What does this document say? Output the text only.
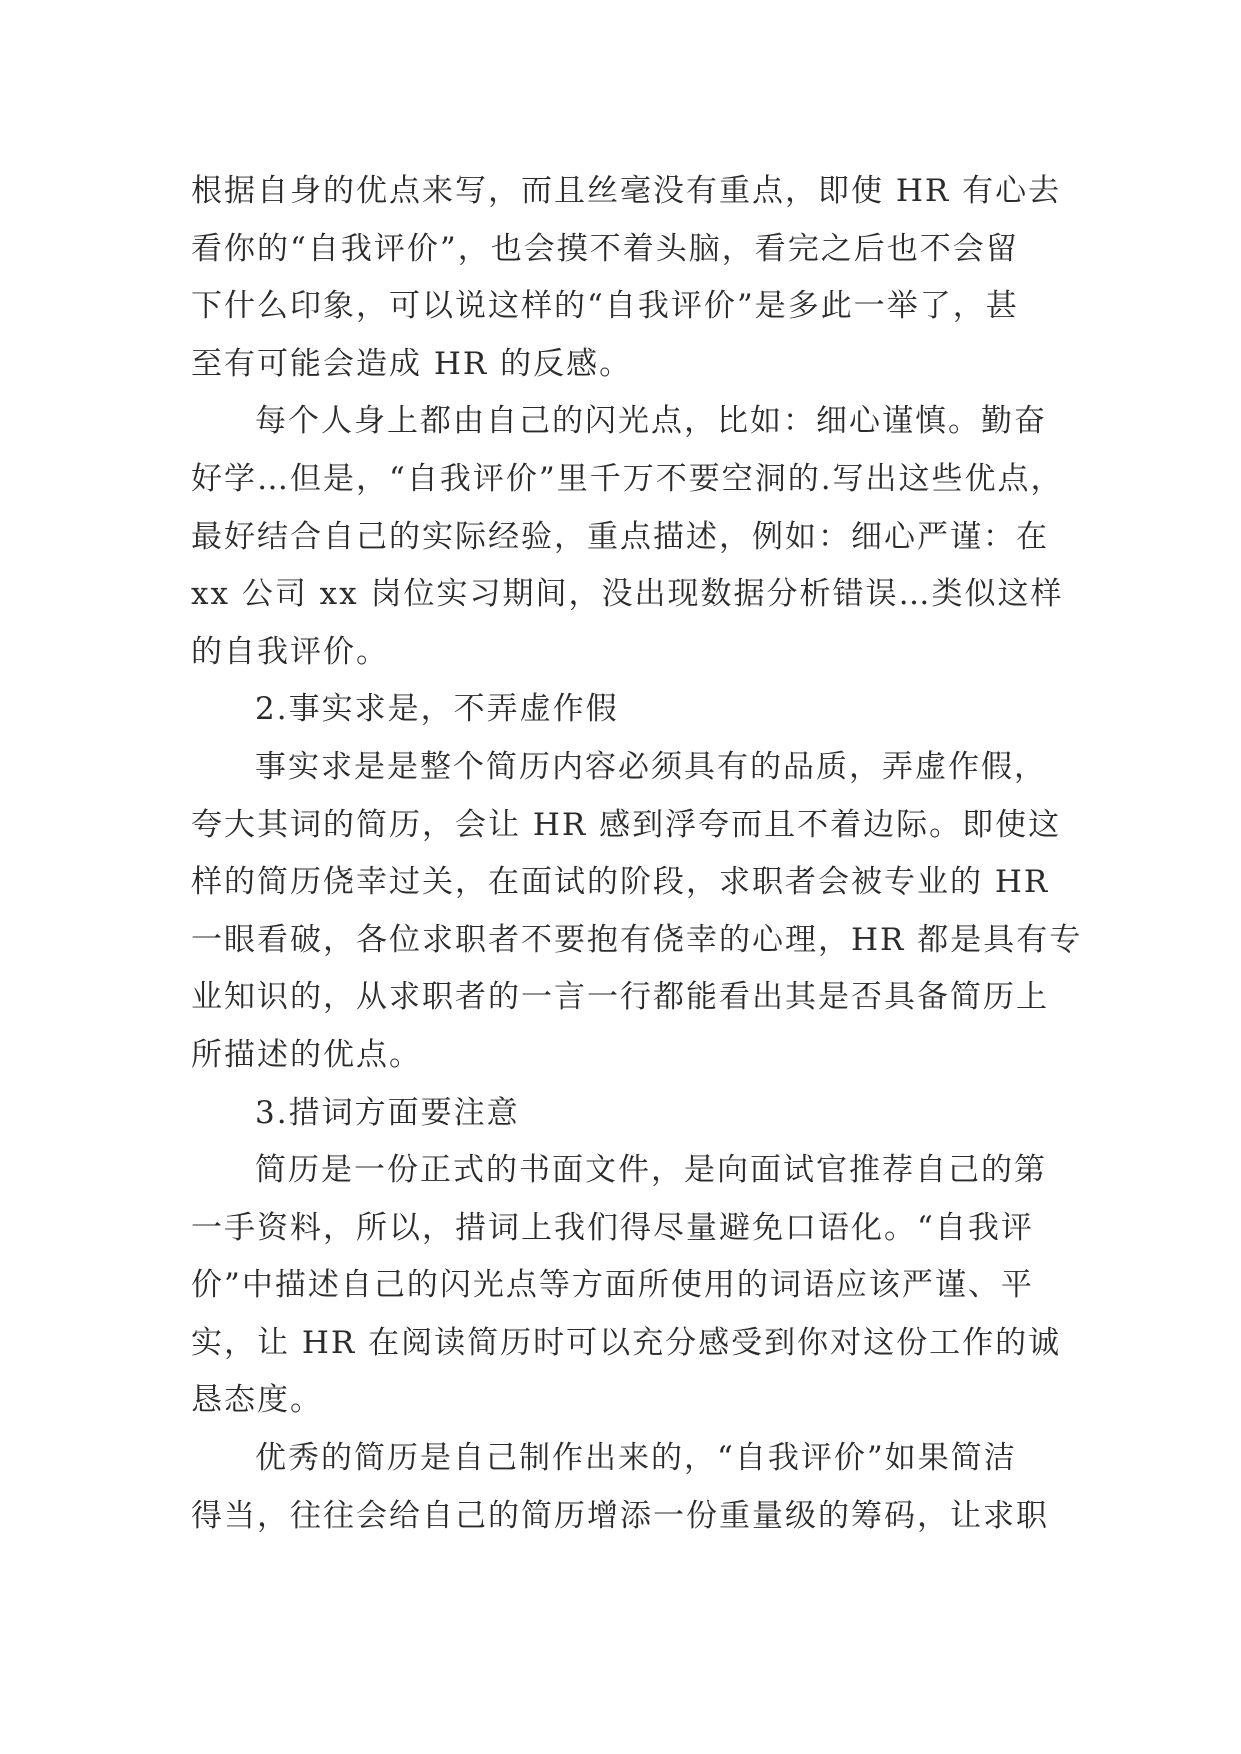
根据自身的优点来写，而且丝毫没有重点，即使 HR 有心去
看你的“自我评价”，也会摸不着头脑，看完之后也不会留
下什么印象，可以说这样的“自我评价”是多此一举了，甚
至有可能会造成 HR 的反感。
每个人身上都由自己的闪光点，比如：细心谨慎。勤奋
好学…但是，“自我评价”里千万不要空洞的.写出这些优点，
最好结合自己的实际经验，重点描述，例如：细心严谨：在
xx 公司 xx 岗位实习期间，没出现数据分析错误…类似这样
的自我评价。
2.事实求是，不弄虚作假
事实求是是整个简历内容必须具有的品质，弄虚作假，
夸大其词的简历，会让 HR 感到浮夸而且不着边际。即使这
样的简历侥幸过关，在面试的阶段，求职者会被专业的 HR
一眼看破，各位求职者不要抱有侥幸的心理，HR 都是具有专
业知识的，从求职者的一言一行都能看出其是否具备简历上
所描述的优点。
3.措词方面要注意
简历是一份正式的书面文件，是向面试官推荐自己的第
一手资料，所以，措词上我们得尽量避免口语化。“自我评
价”中描述自己的闪光点等方面所使用的词语应该严谨、平
实，让 HR 在阅读简历时可以充分感受到你对这份工作的诚
恳态度。
优秀的简历是自己制作出来的，“自我评价”如果简洁
得当，往往会给自己的简历增添一份重量级的筹码，让求职
